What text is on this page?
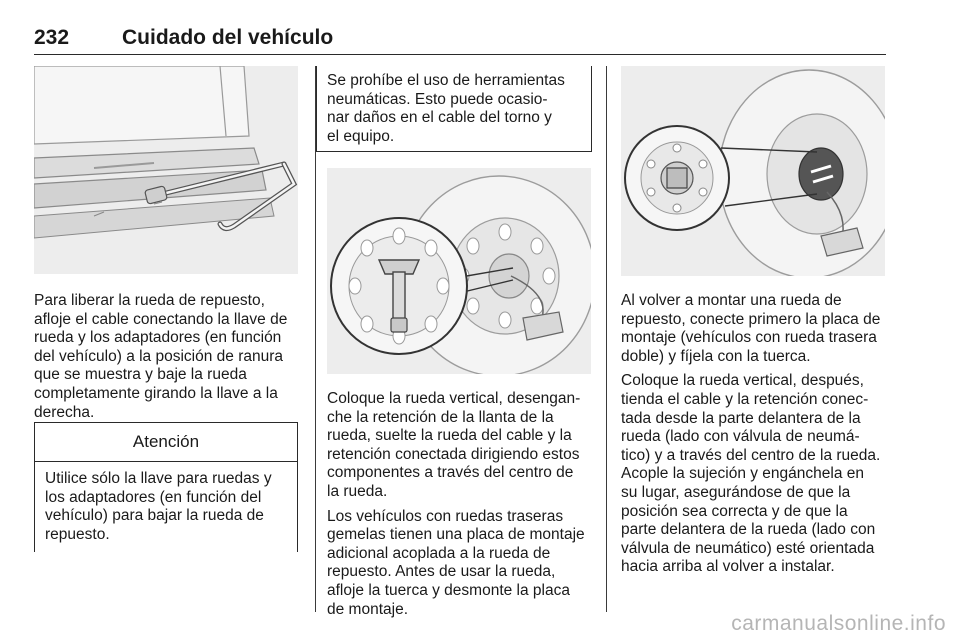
232	Cuidado del vehículo
Para liberar la rueda de repuesto,
afloje el cable conectando la llave de
rueda y los adaptadores (en función
del vehículo) a la posición de ranura
que se muestra y baje la rueda
completamente girando la llave a la
derecha.
Atención
Utilice sólo la llave para ruedas y
los adaptadores (en función del
vehículo) para bajar la rueda de
repuesto.
Se prohíbe el uso de herramientas
neumáticas. Esto puede ocasio-
nar daños en el cable del torno y
el equipo.

Coloque la rueda vertical, desengan-
che la retención de la llanta de la
rueda, suelte la rueda del cable y la
retención conectada dirigiendo estos
componentes a través del centro de
la rueda.

Los vehículos con ruedas traseras
gemelas tienen una placa de montaje
adicional acoplada a la rueda de
repuesto. Antes de usar la rueda,
afloje la tuerca y desmonte la placa
de montaje.

Al volver a montar una rueda de
repuesto, conecte primero la placa de
montaje (vehículos con rueda trasera
doble) y fíjela con la tuerca.

Coloque la rueda vertical, después,
tienda el cable y la retención conec-
tada desde la parte delantera de la
rueda (lado con válvula de neumá-
tico) y a través del centro de la rueda.
Acople la sujeción y engánchela en
su lugar, asegurándose de que la
posición sea correcta y de que la
parte delantera de la rueda (lado con
válvula de neumático) esté orientada
hacia arriba al volver a instalar.

carmanualsonline.info
